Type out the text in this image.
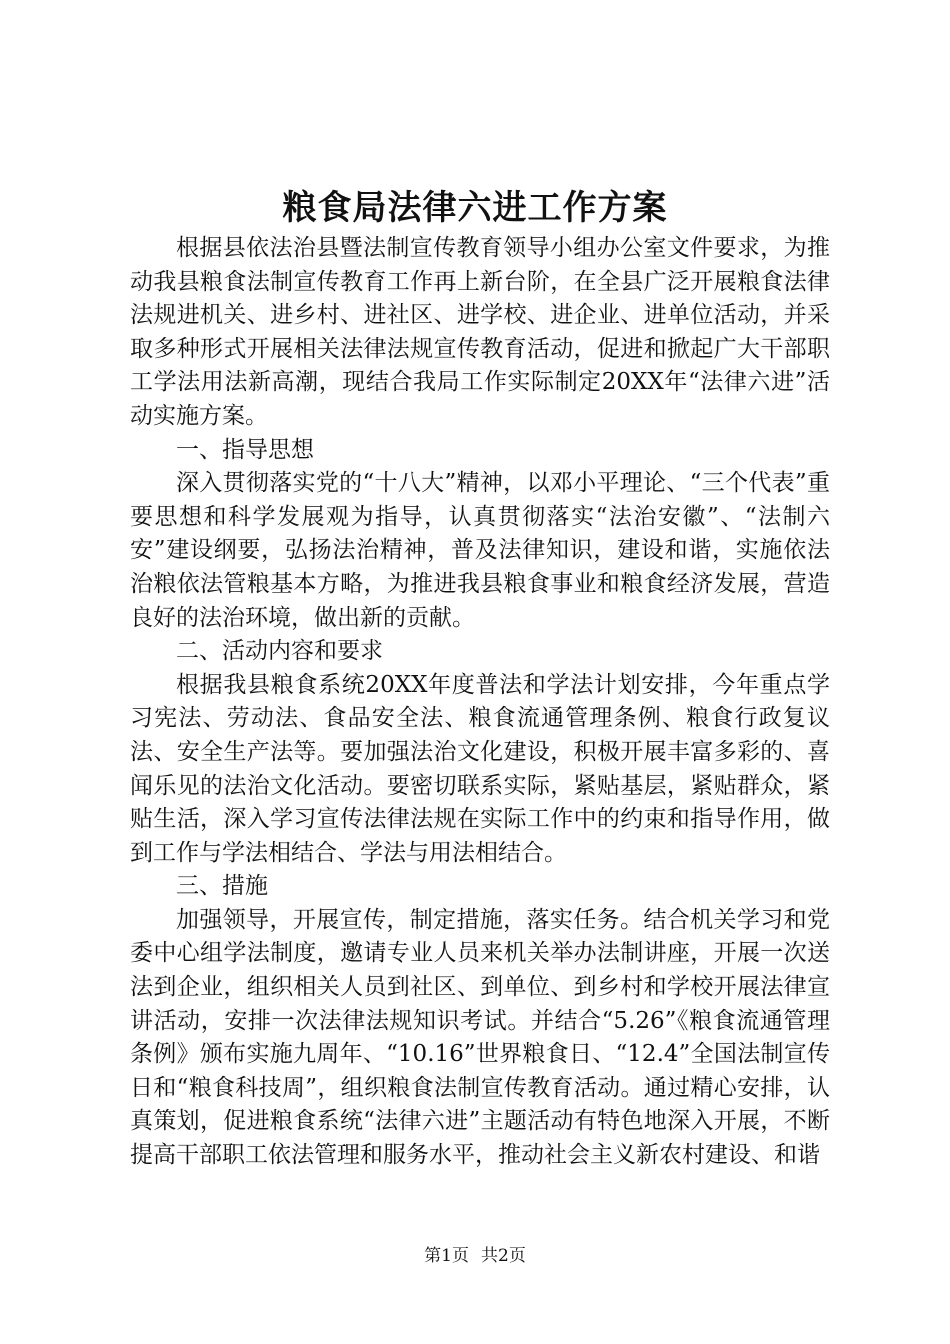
粮食局法律六进工作方案

根据县依法治县暨法制宣传教育领导小组办公室文件要求，为推动我县粮食法制宣传教育工作再上新台阶，在全县广泛开展粮食法律法规进机关、进乡村、进社区、进学校、进企业、进单位活动，并采取多种形式开展相关法律法规宣传教育活动，促进和掀起广大干部职工学法用法新高潮，现结合我局工作实际制定20XX年“法律六进”活动实施方案。

一、指导思想

深入贯彻落实党的“十八大”精神，以邓小平理论、“三个代表”重要思想和科学发展观为指导，认真贯彻落实“法治安徽”、“法制六安”建设纲要，弘扬法治精神，普及法律知识，建设和谐，实施依法治粮依法管粮基本方略，为推进我县粮食事业和粮食经济发展，营造良好的法治环境，做出新的贡献。

二、活动内容和要求

根据我县粮食系统20XX年度普法和学法计划安排，今年重点学习宪法、劳动法、食品安全法、粮食流通管理条例、粮食行政复议法、安全生产法等。要加强法治文化建设，积极开展丰富多彩的、喜闻乐见的法治文化活动。要密切联系实际，紧贴基层，紧贴群众，紧贴生活，深入学习宣传法律法规在实际工作中的约束和指导作用，做到工作与学法相结合、学法与用法相结合。

三、措施

加强领导，开展宣传，制定措施，落实任务。结合机关学习和党委中心组学法制度，邀请专业人员来机关举办法制讲座，开展一次送法到企业，组织相关人员到社区、到单位、到乡村和学校开展法律宣讲活动，安排一次法律法规知识考试。并结合“5.26”《粮食流通管理条例》颁布实施九周年、“10.16”世界粮食日、“12.4”全国法制宣传日和“粮食科技周”，组织粮食法制宣传教育活动。通过精心安排，认真策划，促进粮食系统“法律六进”主题活动有特色地深入开展，不断提高干部职工依法管理和服务水平，推动社会主义新农村建设、和谐

第1页 共2页
